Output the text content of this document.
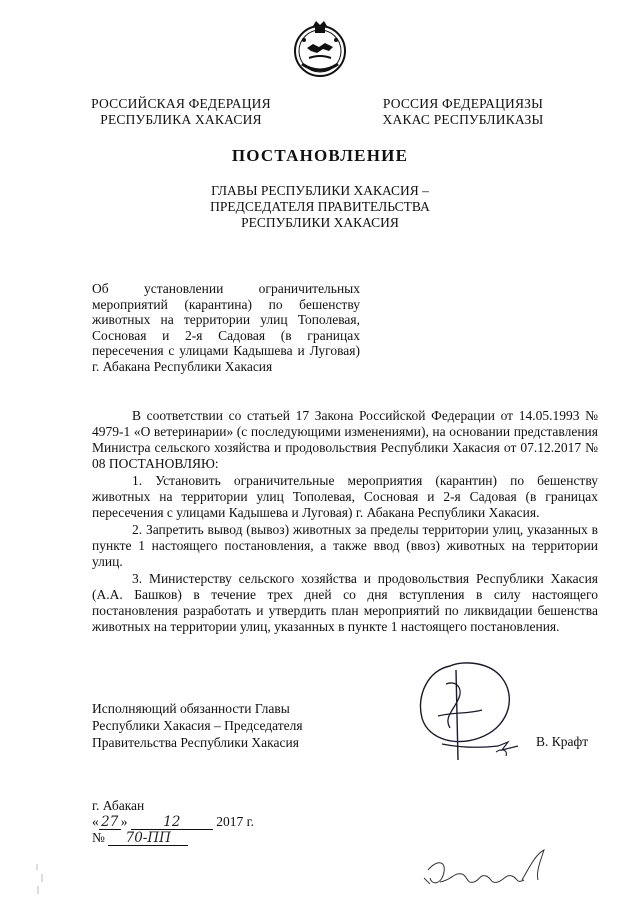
РОССИЙСКАЯ ФЕДЕРАЦИЯ
РЕСПУБЛИКА ХАКАСИЯ
РОССИЯ ФЕДЕРАЦИЯЗЫ
ХАКАС РЕСПУБЛИКАЗЫ
ПОСТАНОВЛЕНИЕ
ГЛАВЫ РЕСПУБЛИКИ ХАКАСИЯ –
ПРЕДСЕДАТЕЛЯ ПРАВИТЕЛЬСТВА
РЕСПУБЛИКИ ХАКАСИЯ
Об установлении ограничительных мероприятий (карантина) по бешенству животных на территории улиц Тополевая, Сосновая и 2-я Садовая (в границах пересечения с улицами Кадышева и Луговая) г. Абакана Республики Хакасия

В соответствии со статьей 17 Закона Российской Федерации от 14.05.1993 № 4979-1 «О ветеринарии» (с последующими изменениями), на основании представления Министра сельского хозяйства и продовольствия Республики Хакасия от 07.12.2017 № 08 ПОСТАНОВЛЯЮ:

1. Установить ограничительные мероприятия (карантин) по бешенству животных на территории улиц Тополевая, Сосновая и 2-я Садовая (в границах пересечения с улицами Кадышева и Луговая) г. Абакана Республики Хакасия.

2. Запретить вывод (вывоз) животных за пределы территории улиц, указанных в пункте 1 настоящего постановления, а также ввод (ввоз) животных на территории улиц.

3. Министерству сельского хозяйства и продовольствия Республики Хакасия (А.А. Башков) в течение трех дней со дня вступления в силу настоящего постановления разработать и утвердить план мероприятий по ликвидации бешенства животных на территории улиц, указанных в пункте 1 настоящего постановления.

Исполняющий обязанности Главы
Республики Хакасия – Председателя
Правительства Республики Хакасия	В. Крафт
г. Абакан
« 27 »	12	2017 г.
№ 70-ПП
